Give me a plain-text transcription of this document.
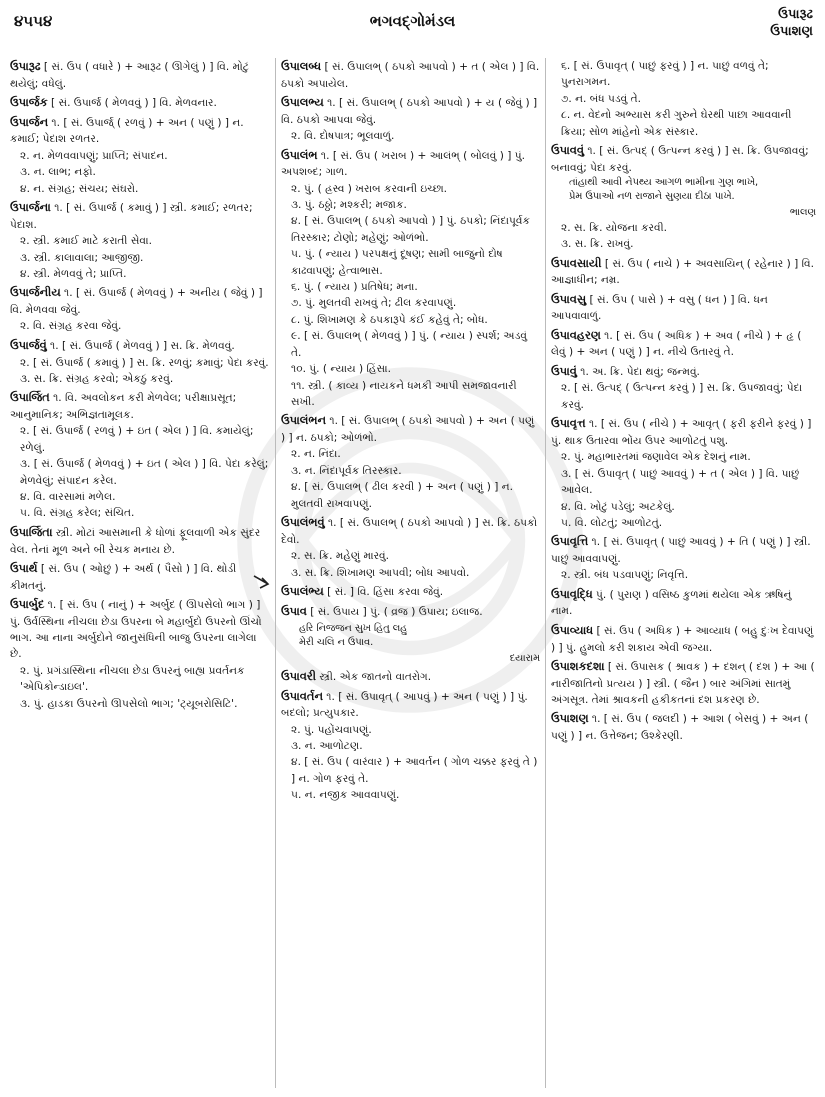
૪૫૫૪	ભગવદ્ગોમંડલ	ઉપારૂઢ
ઉપાશણ
ઉપારૂઢ [ સં. ઉપ ( વધારે ) + આરૂઢ ( ઊગેલું ) ] વિ. મોટું થયેલું; વધેલું.
ઉપાર્જક [ સં. ઉપાર્જ ( મેળવવું ) ] વિ. મેળવનાર.
ઉપાર્જન ૧. [ સં. ઉપાર્જ્ ( રળવું ) + અન ( પણું ) ] ન. કમાઈ; પેદાશ રળતર.
૨. ન. મેળવવાપણું; પ્રાપ્તિ; સંપાદન.
૩. ન. લાભ; નફો.
૪. ન. સંગ્રહ; સંચય; સંઘરો.
ઉપાર્જના ૧. [ સં. ઉપાર્જ ( કમાવું ) ] સ્ત્રી. કમાઈ; રળતર; પેદાશ.
૨. સ્ત્રી. કમાઈ માટે કરાતી સેવા.
૩. સ્ત્રી. કાલાવાલા; આજીજી.
૪. સ્ત્રી. મેળવવું તે; પ્રાપ્તિ.
ઉપાર્જનીય ૧. [ સં. ઉપાર્જ ( મેળવવું ) + અનીય ( જેવું ) ] વિ. મેળવવા જેવું.
૨. વિ. સંગ્રહ કરવા જેવું.
ઉપાર્જવું ૧. [ સં. ઉપાર્જ ( મેળવવું ) ] સ. ક્રિ. મેળવવું.
૨. [ સં. ઉપાર્જ ( કમાવું ) ] સ. ક્રિ. રળવું; કમાવું; પેદા કરવું.
૩. સ. ક્રિ. સંગ્રહ કરવો; એકઠું કરવું.
ઉપાર્જિત ૧. વિ. અવલોકન કરી મેળવેલ; પરીક્ષાપ્રસૂત; આનુમાનિક; અભિજ્ઞતામૂલક.
૨. [ સં. ઉપાર્જ ( રળવું ) + ઇત ( એલ ) ] વિ. કમાયેલું; રળેલું.
૩. [ સં. ઉપાર્જ ( મેળવવું ) + ઇત ( એલ ) ] વિ. પેદા કરેલું; મેળવેલું; સંપાદન કરેલ.
૪. વિ. વારસામાં મળેલ.
૫. વિ. સંગ્રહ કરેલ; સંચિત.
ઉપાર્જિતા સ્ત્રી. મોટાં આસમાની કે ધોળાં ફૂલવાળી એક સુંદર વેલ. તેનાં મૂળ અને બી રેચક મનાય છે.
ઉપાર્થ [ સં. ઉપ ( ઓછું ) + અર્થ ( પૈસો ) ] વિ. થોડી કીમતનું.
ઉપાર્બુદ ૧. [ સં. ઉપ ( નાનું ) + અર્બુદ ( ઊપસેલો ભાગ ) ] પું. ઉર્વસ્થિના નીચલા છેડા ઉપરના બે મહાર્બુદો ઉપરનો ઊંચો ભાગ. આ નાના અર્બુદોને જાનુસંધિની બાજુ ઉપરના લાગેલા છે.
૨. પું. પ્રગંડાસ્થિના નીચલા છેડા ઉપરનું બાહ્ય પ્રવર્તનક 'એપિકોન્ડાઇલ'.
૩. પું. હાડકા ઉપરનો ઊપસેલો ભાગ; 'ટ્યૂબરોસિટિ'.
ઉપાલબ્ધ [ સં. ઉપાલભ્ ( ઠપકો આપવો ) + ત ( એલ ) ] વિ. ઠપકો અપાયેલ.
ઉપાલભ્ય ૧. [ સં. ઉપાલભ્ ( ઠપકો આપવો ) + ય ( જેવું ) ] વિ. ઠપકો આપવા જેવું.
૨. વિ. દોષપાત્ર; ભૂલવાળું.
ઉપાલંભ ૧. [ સં. ઉપ ( ખરાબ ) + આલંભ્ ( બોલવું ) ] પું. અપશબ્દ; ગાળ.
૨. પું. ( હ્રસ્વ ) ખરાબ કરવાની ઇચ્છા.
૩. પું. ઠઠ્ઠો; મશ્કરી; મજાક.
૪. [ સં. ઉપાલભ્ ( ઠપકો આપવો ) ] પું. ઠપકો; નિંદાપૂર્વક તિરસ્કાર; ટોણો; મહેણું; ઓળંભો.
૫. પું. ( ન્યાય ) પરપક્ષનું દૂષણ; સામી બાજુનો દોષ કાઢવાપણું; હેત્વાભાસ.
૬. પું. ( ન્યાય ) પ્રતિષેધ; મના.
૭. પું. મુલતવી રાખવું તે; ઢીલ કરવાપણું.
૮. પું. શિખામણ કે ઠપકારૂપે કંઈ કહેવું તે; બોધ.
૯. [ સં. ઉપાલભ્ ( મેળવવું ) ] પું. ( ન્યાય ) સ્પર્શ; અડવું તે.
૧૦. પું. ( ન્યાય ) હિંસા.
૧૧. સ્ત્રી. ( કાવ્ય ) નાયકને ધમકી આપી સમજાવનારી સખી.
ઉપાલંભન ૧. [ સં. ઉપાલભ્ ( ઠપકો આપવો ) + અન ( પણું ) ] ન. ઠપકો; ઓળંભો.
૨. ન. નિંદા.
૩. ન. નિંદાપૂર્વક તિરસ્કાર.
૪. [ સં. ઉપાલભ્ ( ઢીલ કરવી ) + અન ( પણું ) ] ન. મુલતવી રાખવાપણું.
ઉપાલંભવું ૧. [ સં. ઉપાલભ્ ( ઠપકો આપવો ) ] સ. ક્રિ. ઠપકો દેવો.
૨. સ. ક્રિ. મહેણું મારવું.
૩. સ. ક્રિ. શિખામણ આપવી; બોધ આપવો.
ઉપાલંભ્ય [ સં. ] વિ. હિંસા કરવા જેવું.
ઉપાવ [ સં. ઉપાય ] પું. ( વ્રજ ) ઉપાય; ઇલાજ.
હરિ નિજજન સુખ હિતુ લહુ
મેરી ચલિ ન ઉપાવ.
દયારામ
ઉપાવરી સ્ત્રી. એક જાતનો વાતરોગ.
ઉપાવર્તન ૧. [ સં. ઉપાવૃત્ ( આપવું ) + અન ( પણું ) ] પું. બદલો; પ્રત્યુપકાર.
૨. પું. પહોંચવાપણું.
૩. ન. આળોટણ.
૪. [ સં. ઉપ ( વારંવાર ) + આવર્તન ( ગોળ ચક્કર ફરવું તે ) ] ન. ગોળ ફરવું તે.
૫. ન. નજીક આવવાપણું.
૬. [ સં. ઉપાવૃત્ ( પાછું ફરવું ) ] ન. પાછું વળવું તે; પુનરાગમન.
૭. ન. બંધ પડવું તે.
૮. ન. વેદનો અભ્યાસ કરી ગુરુને ઘેરથી પાછા આવવાની ક્રિયા; સોળ માંહેનો એક સંસ્કાર.
ઉપાવવું ૧. [ સં. ઉત્પદ્ ( ઉત્પન્ન કરવું ) ] સ. ક્રિ. ઉપજાવવું; બનાવવું; પેદા કરવું.
તાંહાથી આવી નેપથ્ય આગળ ભામીના ગુણ ભાખે,
પ્રેમ ઉપાઓ નળ રાજાને સુણયા દીઠા પાખે.
ભાલણ
૨. સ. ક્રિ. યોજના કરવી.
૩. સ. ક્રિ. રાખવું.
ઉપાવસાયી [ સં. ઉપ ( નાચે ) + અવસાયિન્ ( રહેનાર ) ] વિ. આજ્ઞાધીન; નમ્ર.
ઉપાવસુ [ સં. ઉપ ( પાસે ) + વસુ ( ધન ) ] વિ. ધન આપવાવાળું.
ઉપાવહરણ ૧. [ સં. ઉપ ( અધિક ) + અવ ( નીચે ) + હૃ ( લેવું ) + અન ( પણું ) ] ન. નીચે ઉતારવું તે.
ઉપાવું ૧. અ. ક્રિ. પેદા થવું; જન્મવું.
૨. [ સં. ઉત્પદ્ ( ઉત્પન્ન કરવું ) ] સ. ક્રિ. ઉપજાવવું; પેદા કરવું.
ઉપાવૃત્ત ૧. [ સં. ઉપ ( નીચે ) + આવૃત્ ( ફરી ફરીને ફરવું ) ] પું. થાક ઉતારવા ભોંય ઉપર આળોટતું પશુ.
૨. પું. મહાભારતમાં જણાવેલ એક દેશનું નામ.
૩. [ સં. ઉપાવૃત્ ( પાછું આવવું ) + ત ( એલ ) ] વિ. પાછું આવેલ.
૪. વિ. ખોટું પડેલું; અટકેલું.
૫. વિ. લોટતું; આળોટતું.
ઉપાવૃત્તિ ૧. [ સં. ઉપાવૃત્ ( પાછું આવવું ) + તિ ( પણું ) ] સ્ત્રી. પાછું આવવાપણું.
૨. સ્ત્રી. બંધ પડવાપણું; નિવૃત્તિ.
ઉપાવૃદ્ધિ પું. ( પુરાણ ) વસિષ્ઠ કુળમાં થયેલા એક ઋષિનું નામ.
ઉપાવ્યાધ [ સં. ઉપ ( અધિક ) + આવ્યાધ ( બહુ દુઃખ દેવાપણું ) ] પું. હુમલો કરી શકાય એવી જગ્યા.
ઉપાશકદશા [ સં. ઉપાસક ( શ્રાવક ) + દશન્ ( દશ ) + આ ( નારીજાતિનો પ્રત્યય ) ] સ્ત્રી. ( જૈન ) બાર અંગિમાં સાતમું અંગસૂત્ર. તેમાં શ્રાવકની હકીકતનાં દશ પ્રકરણ છે.
ઉપાશણ ૧. [ સં. ઉપ ( જલદી ) + આશ ( બેસવું ) + અન ( પણું ) ] ન. ઉત્તેજન; ઉશ્કેરણી.
